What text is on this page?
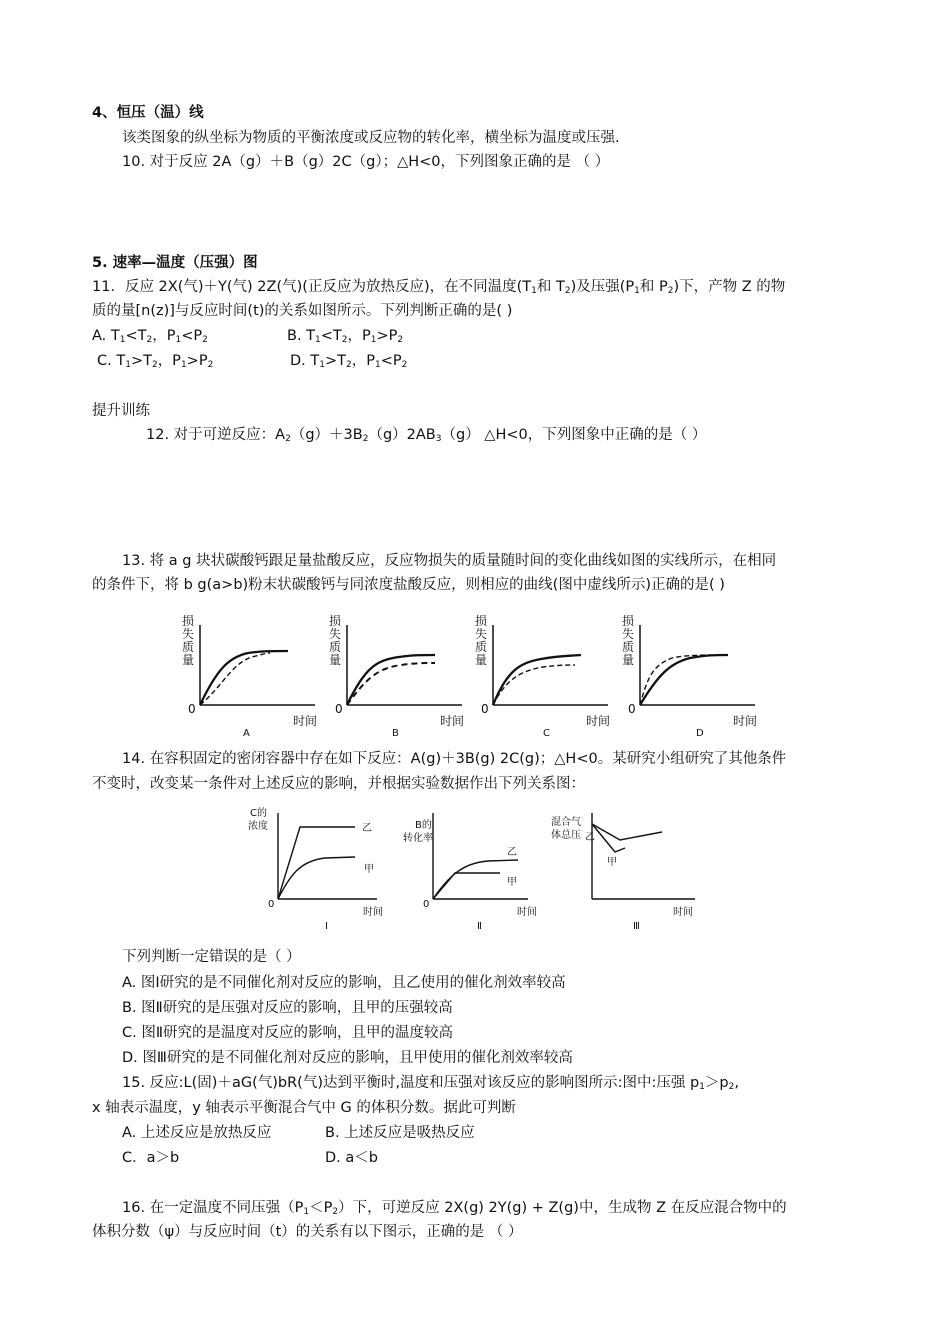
4、恒压（温）线
该类图象的纵坐标为物质的平衡浓度或反应物的转化率，横坐标为温度或压强.
10. 对于反应 2A（g）＋B（g）2C（g）；△H<0，下列图象正确的是 （ ）
5. 速率—温度（压强）图
11．反应 2X(气)＋Y(气) 2Z(气)(正反应为放热反应)，在不同温度($T_1$和 $T_2$)及压强($P_1$和 $P_2$)下，产物 Z 的物
质的量[n(z)]与反应时间(t)的关系如图所示。下列判断正确的是( )
A. $T_1<T_2$，$P_1<P_2$	B. $T_1<T_2$，$P_1>P_2$
C. $T_1>T_2$，$P_1>P_2$	D. $T_1>T_2$，$P_1<P_2$
提升训练
12. 对于可逆反应：$A_2(g)+3B_2(g)2AB_3(g)$ △H<0，下列图象中正确的是（ ）
13. 将 a g 块状碳酸钙跟足量盐酸反应，反应物损失的质量随时间的变化曲线如图的实线所示，在相同
的条件下，将 b g(a>b)粉末状碳酸钙与同浓度盐酸反应，则相应的曲线(图中虚线所示)正确的是( )
损
失
质
量
0
时间
A
损
失
质
量
0
时间
B
损
失
质
量
0
时间
C
损
失
质
量
0
时间
D
14. 在容积固定的密闭容器中存在如下反应：A(g)＋3B(g) 2C(g)；△H<0。某研究小组研究了其他条件
不变时，改变某一条件对上述反应的影响，并根据实验数据作出下列关系图：
C的
浓度
0
时间
乙
甲
Ⅰ
B的
转化率
0
时间
乙
甲
Ⅱ
混合气
体总压 乙
甲
时间
Ⅲ
下列判断一定错误的是（ ）
A. 图Ⅰ研究的是不同催化剂对反应的影响，且乙使用的催化剂效率较高
B. 图Ⅱ研究的是压强对反应的影响，且甲的压强较高
C. 图Ⅱ研究的是温度对反应的影响，且甲的温度较高
D. 图Ⅲ研究的是不同催化剂对反应的影响，且甲使用的催化剂效率较高
15. 反应:L(固)＋aG(气)bR(气)达到平衡时,温度和压强对该反应的影响图所示:图中:压强 $p_1>p_2$,
x 轴表示温度，y 轴表示平衡混合气中 G 的体积分数。据此可判断
A. 上述反应是放热反应	B. 上述反应是吸热反应
C．a＞b	D. a＜b
16. 在一定温度不同压强$(P_1<P_2)$下，可逆反应 2X(g) 2Y(g) + Z(g)中，生成物 Z 在反应混合物中的
体积分数（ψ）与反应时间（t）的关系有以下图示，正确的是 （ ）
